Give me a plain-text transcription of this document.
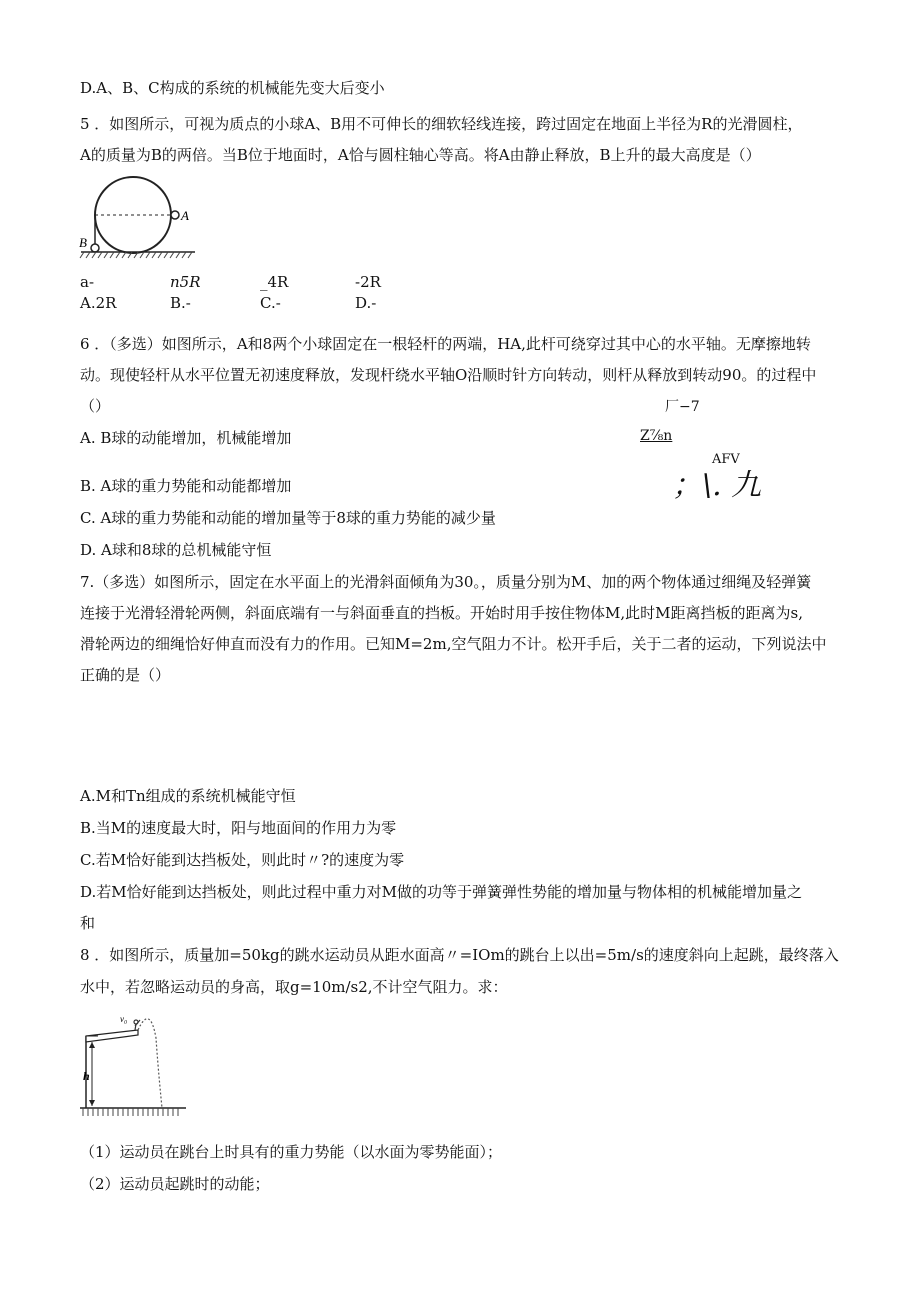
D.A、B、C构成的系统的机械能先变大后变小
5 ．如图所示，可视为质点的小球A、B用不可伸长的细软轻线连接，跨过固定在地面上半径为R的光滑圆柱，
A的质量为B的两倍。当B位于地面时，A恰与圆柱轴心等高。将A由静止释放，B上升的最大高度是（）
A
B
a-	n5R	_4R	-2R
A.2R	B.-	C.-	D.-
6 ．（多选）如图所示，A和8两个小球固定在一根轻杆的两端，HA,此杆可绕穿过其中心的水平轴。无摩擦地转
动。现使轻杆从水平位置无初速度释放，发现杆绕水平轴O沿顺时针方向转动，则杆从释放到转动90。的过程中
（）	厂−7
A. B球的动能增加，机械能增加	Z⅞n
AFV
；\. 九
B. A球的重力势能和动能都增加
C. A球的重力势能和动能的增加量等于8球的重力势能的减少量
D. A球和8球的总机械能守恒
7.（多选）如图所示，固定在水平面上的光滑斜面倾角为30。，质量分别为M、加的两个物体通过细绳及轻弹簧
连接于光滑轻滑轮两侧，斜面底端有一与斜面垂直的挡板。开始时用手按住物体M,此时M距离挡板的距离为s,
滑轮两边的细绳恰好伸直而没有力的作用。已知M=2m,空气阻力不计。松开手后，关于二者的运动，下列说法中
正确的是（）
A.M和Tn组成的系统机械能守恒
B.当M的速度最大时，阳与地面间的作用力为零
C.若M恰好能到达挡板处，则此时〃?的速度为零
D.若M恰好能到达挡板处，则此过程中重力对M做的功等于弹簧弹性势能的增加量与物体相的机械能增加量之
和
8 ．如图所示，质量加=50kg的跳水运动员从距水面高〃=IOm的跳台上以出=5m/s的速度斜向上起跳，最终落入
水中，若忽略运动员的身高，取g=10m/s2,不计空气阻力。求：
h
v₀
（1）运动员在跳台上时具有的重力势能（以水面为零势能面）；
（2）运动员起跳时的动能；
